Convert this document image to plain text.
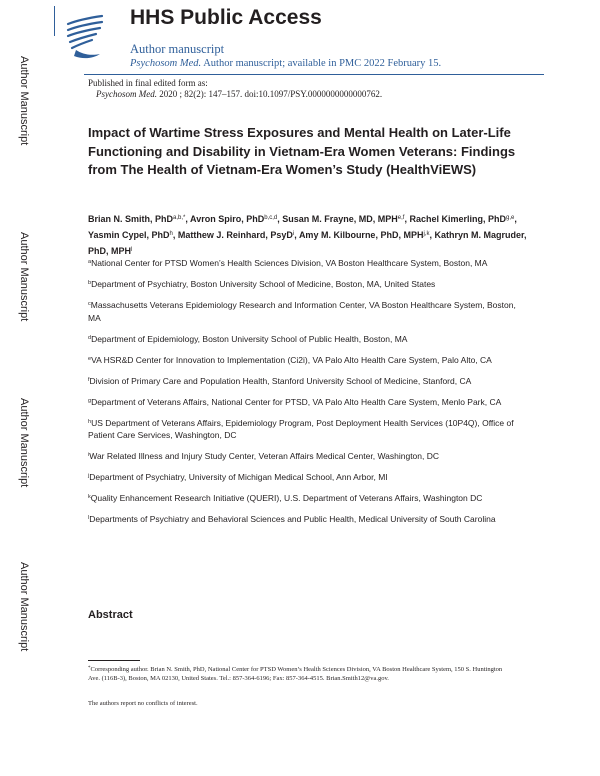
Author Manuscript
Author Manuscript
Author Manuscript
Author Manuscript
HHS Public Access
Author manuscript
Psychosom Med. Author manuscript; available in PMC 2022 February 15.
Published in final edited form as:
Psychosom Med. 2020 ; 82(2): 147–157. doi:10.1097/PSY.0000000000000762.
Impact of Wartime Stress Exposures and Mental Health on Later-Life Functioning and Disability in Vietnam-Era Women Veterans: Findings from The Health of Vietnam-Era Women’s Study (HealthViEWS)
Brian N. Smith, PhD$^{a,b,*}$, Avron Spiro, PhD$^{b,c,d}$, Susan M. Frayne, MD, MPH$^{e,f}$, Rachel Kimerling, PhD$^{g,e}$, Yasmin Cypel, PhD$^h$, Matthew J. Reinhard, PsyD$^i$, Amy M. Kilbourne, PhD, MPH$^{j,k}$, Kathryn M. Magruder, PhD, MPH$^l$

$^a$National Center for PTSD Women’s Health Sciences Division, VA Boston Healthcare System, Boston, MA

$^b$Department of Psychiatry, Boston University School of Medicine, Boston, MA, United States

$^c$Massachusetts Veterans Epidemiology Research and Information Center, VA Boston Healthcare System, Boston, MA

$^d$Department of Epidemiology, Boston University School of Public Health, Boston, MA

$^e$VA HSR&D Center for Innovation to Implementation (Ci2i), VA Palo Alto Health Care System, Palo Alto, CA

$^f$Division of Primary Care and Population Health, Stanford University School of Medicine, Stanford, CA

$^g$Department of Veterans Affairs, National Center for PTSD, VA Palo Alto Health Care System, Menlo Park, CA

$^h$US Department of Veterans Affairs, Epidemiology Program, Post Deployment Health Services (10P4Q), Office of Patient Care Services, Washington, DC

$^i$War Related Illness and Injury Study Center, Veteran Affairs Medical Center, Washington, DC

$^j$Department of Psychiatry, University of Michigan Medical School, Ann Arbor, MI

$^k$Quality Enhancement Research Initiative (QUERI), U.S. Department of Veterans Affairs, Washington DC

$^l$Departments of Psychiatry and Behavioral Sciences and Public Health, Medical University of South Carolina

Abstract
*Corresponding author. Brian N. Smith, PhD, National Center for PTSD Women’s Health Sciences Division, VA Boston Healthcare System, 150 S. Huntington Ave. (116B-3), Boston, MA 02130, United States. Tel.: 857-364-6196; Fax: 857-364-4515. Brian.Smith12@va.gov.
The authors report no conflicts of interest.
